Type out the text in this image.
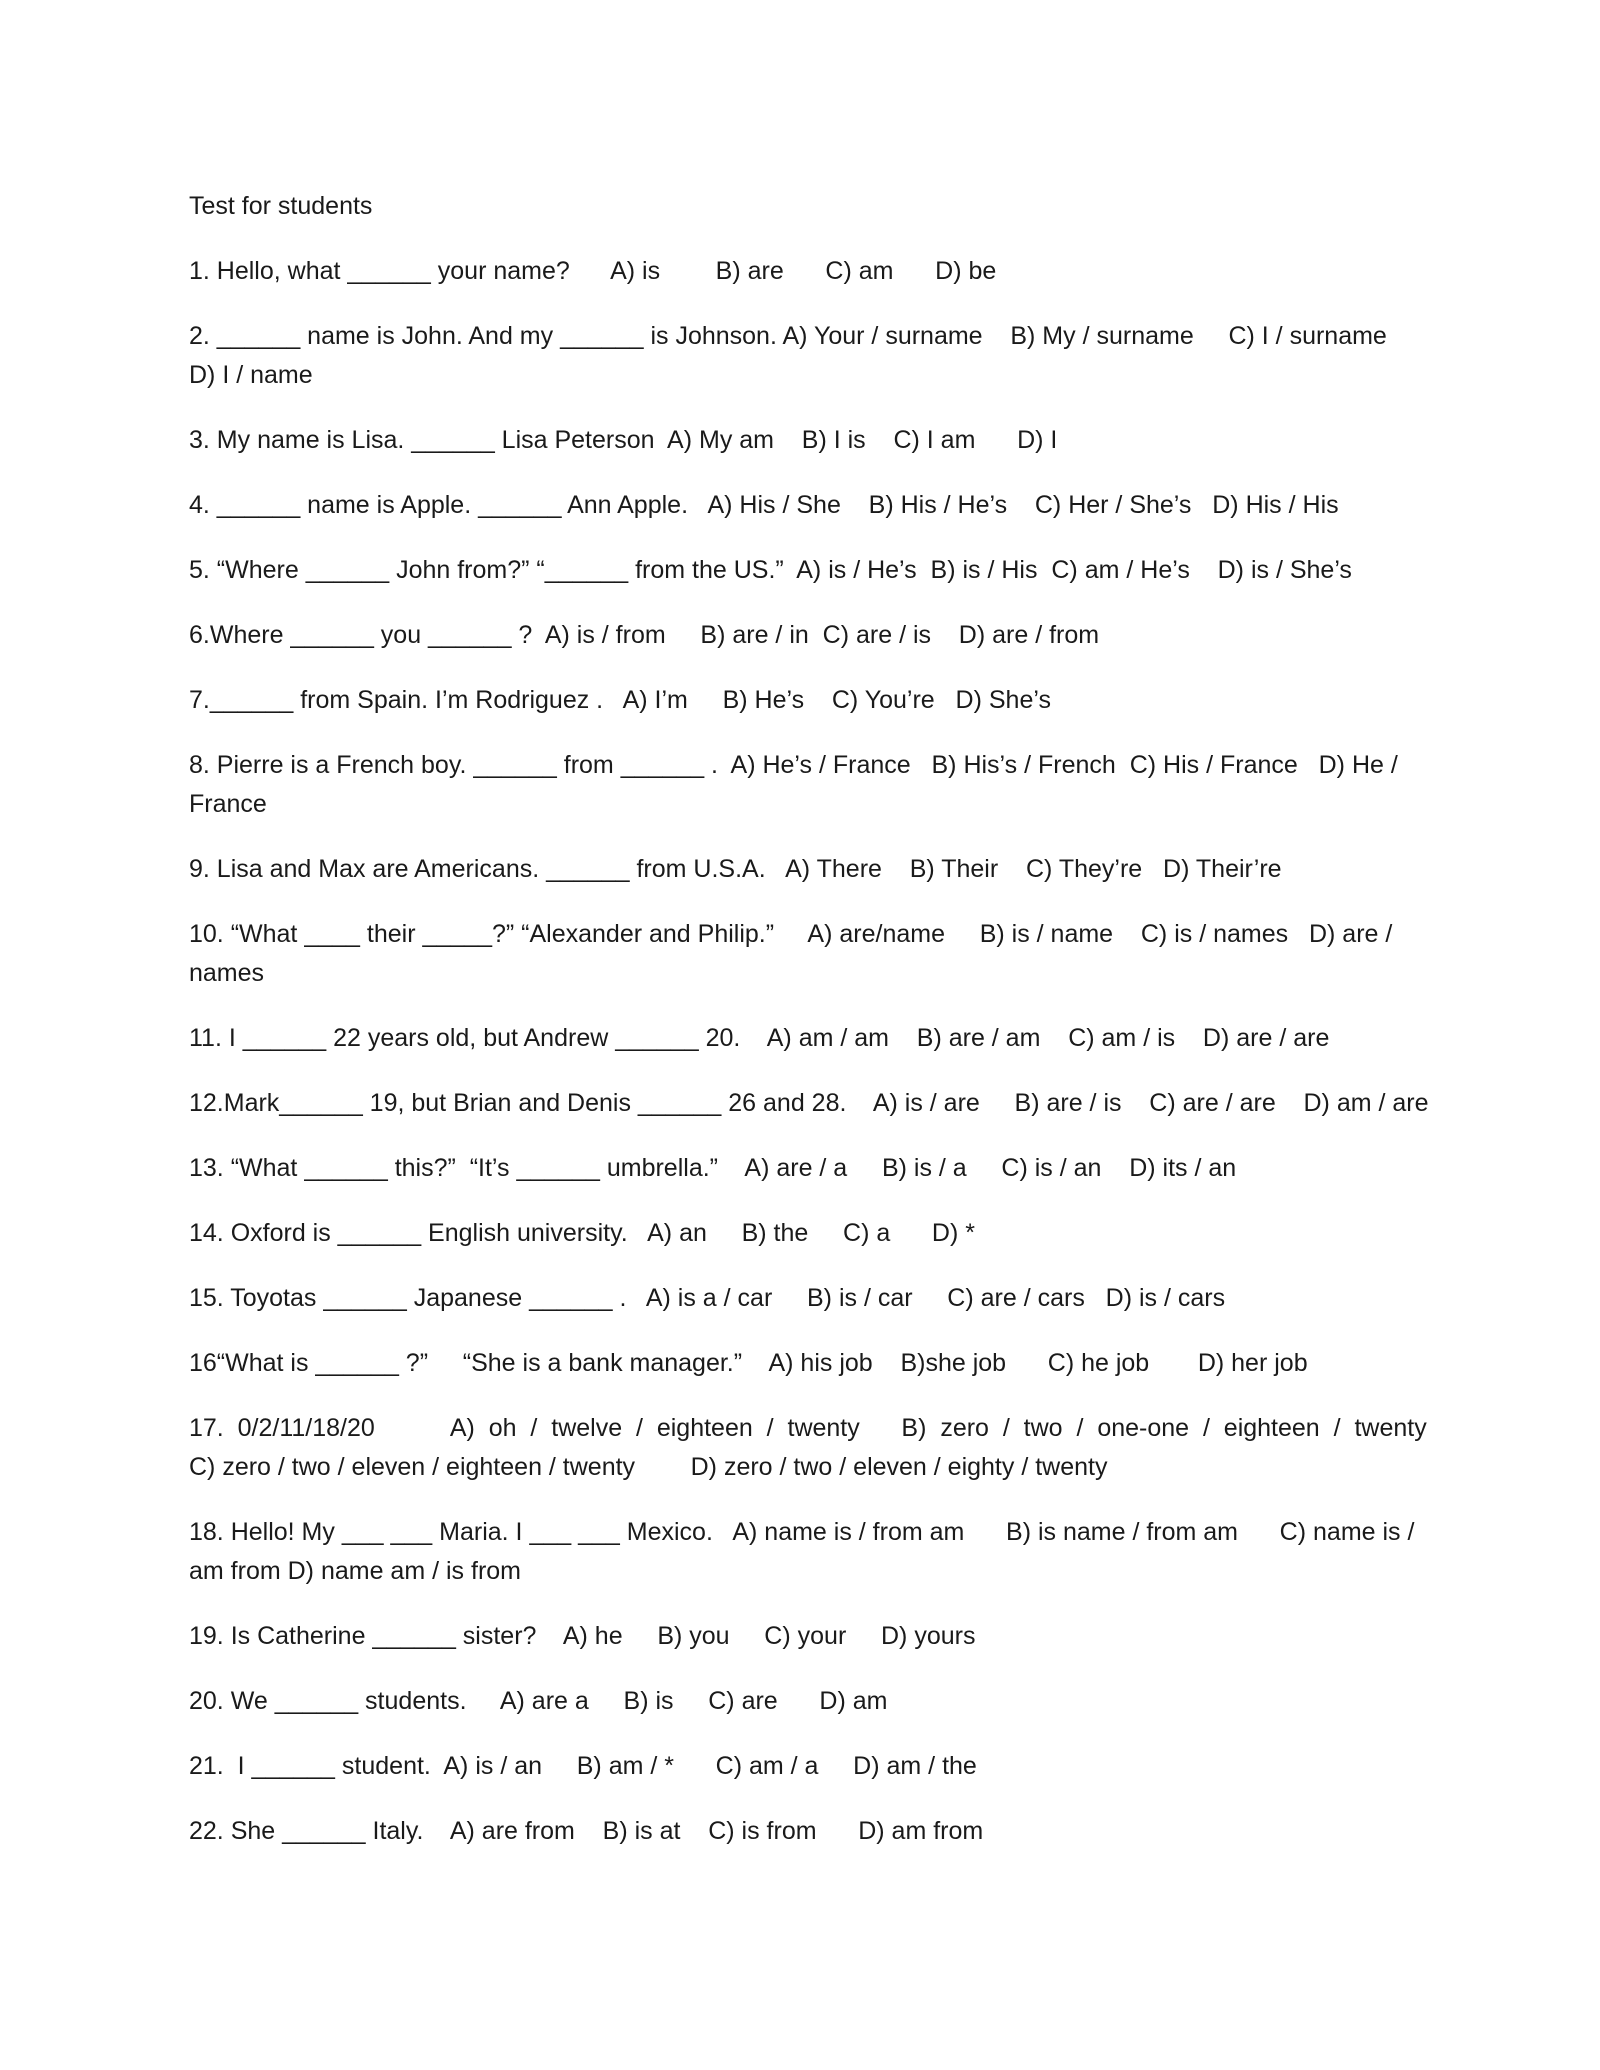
Test for students
1. Hello, what ______ your name?      A) is        B) are      C) am      D) be
2. ______ name is John. And my ______ is Johnson. A) Your / surname    B) My / surname     C) I / surname
D) I / name
3. My name is Lisa. ______ Lisa Peterson  A) My am    B) I is    C) I am      D) I
4. ______ name is Apple. ______ Ann Apple.   A) His / She    B) His / He’s    C) Her / She’s   D) His / His
5. “Where ______ John from?” “______ from the US.”  A) is / He’s  B) is / His  C) am / He’s    D) is / She’s
6.Where ______ you ______ ?  A) is / from     B) are / in  C) are / is    D) are / from
7.______ from Spain. I’m Rodriguez .   A) I’m     B) He’s    C) You’re   D) She’s
8. Pierre is a French boy. ______ from ______ .  A) He’s / France   B) His’s / French  C) His / France   D) He /
France
9. Lisa and Max are Americans. ______ from U.S.A.   A) There    B) Their    C) They’re   D) Their’re
10. “What ____ their _____?” “Alexander and Philip.”     A) are/name     B) is / name    C) is / names   D) are /
names
11. I ______ 22 years old, but Andrew ______ 20.    A) am / am    B) are / am    C) am / is    D) are / are
12.Mark______ 19, but Brian and Denis ______ 26 and 28.    A) is / are     B) are / is    C) are / are    D) am / are
13. “What ______ this?”  “It’s ______ umbrella.”    A) are / a     B) is / a     C) is / an    D) its / an
14. Oxford is ______ English university.   A) an     B) the     C) a      D) *
15. Toyotas ______ Japanese ______ .   A) is a / car     B) is / car     C) are / cars   D) is / cars
16“What is ______ ?”     “She is a bank manager.”    A) his job    B)she job      C) he job       D) her job
17.  0/2/11/18/20           A)  oh  /  twelve  /  eighteen  /  twenty      B)  zero  /  two  /  one-one  /  eighteen  /  twenty
C) zero / two / eleven / eighteen / twenty        D) zero / two / eleven / eighty / twenty
18. Hello! My ___ ___ Maria. I ___ ___ Mexico.   A) name is / from am      B) is name / from am      C) name is /
am from D) name am / is from
19. Is Catherine ______ sister?    A) he     B) you     C) your     D) yours
20. We ______ students.     A) are a     B) is     C) are      D) am
21.  I ______ student.  A) is / an     B) am / *      C) am / a     D) am / the
22. She ______ Italy.    A) are from    B) is at    C) is from      D) am from
